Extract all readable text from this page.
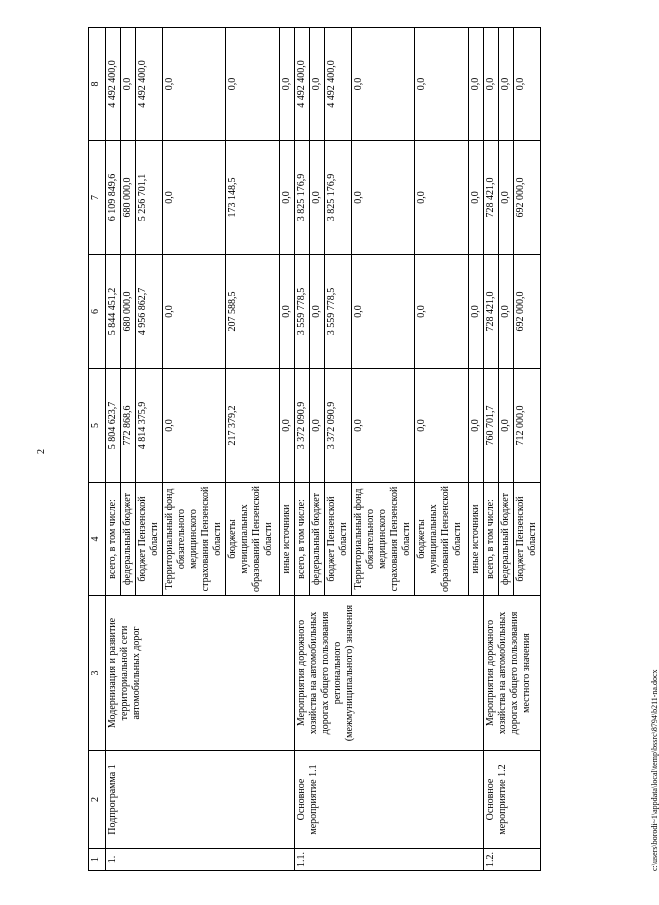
2
1	2	3	4	5	6	7	8
1.	Подпрограмма 1	Модернизация и развитие территориальной сети автомобильных дорог	всего, в том числе:	5 804 623,7	5 844 451,2	6 109 849,6	4 492 400,0
			федеральный бюджет	772 868,6	680 000,0	680 000,0	0,0
			бюджет Пензенской области	4 814 375,9	4 956 862,7	5 256 701,1	4 492 400,0
			Территориальный фонд обязательного медицинского страхования Пензенской области	0,0	0,0	0,0	0,0
			бюджеты муниципальных образований Пензенской области	217 379,2	207 588,5	173 148,5	0,0
			иные источники	0,0	0,0	0,0	0,0
1.1.	Основное мероприятие 1.1	Мероприятия дорожного хозяйства на автомобильных дорогах общего пользования регионального (межмуниципального) значения	всего, в том числе:	3 372 090,9	3 559 778,5	3 825 176,9	4 492 400,0
			федеральный бюджет	0,0	0,0	0,0	0,0
			бюджет Пензенской области	3 372 090,9	3 559 778,5	3 825 176,9	4 492 400,0
			Территориальный фонд обязательного медицинского страхования Пензенской области	0,0	0,0	0,0	0,0
			бюджеты муниципальных образований Пензенской области	0,0	0,0	0,0	0,0
			иные источники	0,0	0,0	0,0	0,0
1.2.	Основное мероприятие 1.2	Мероприятия дорожного хозяйства на автомобильных дорогах общего пользования местного значения	всего, в том числе:	760 701,7	728 421,0	728 421,0	0,0
			федеральный бюджет	0,0	0,0	0,0	0,0
			бюджет Пензенской области	712 000,0	692 000,0	692 000,0	0,0
c:\users\borodi~1\appdata\local\temp\bssrc\8794\b211-na.docx
